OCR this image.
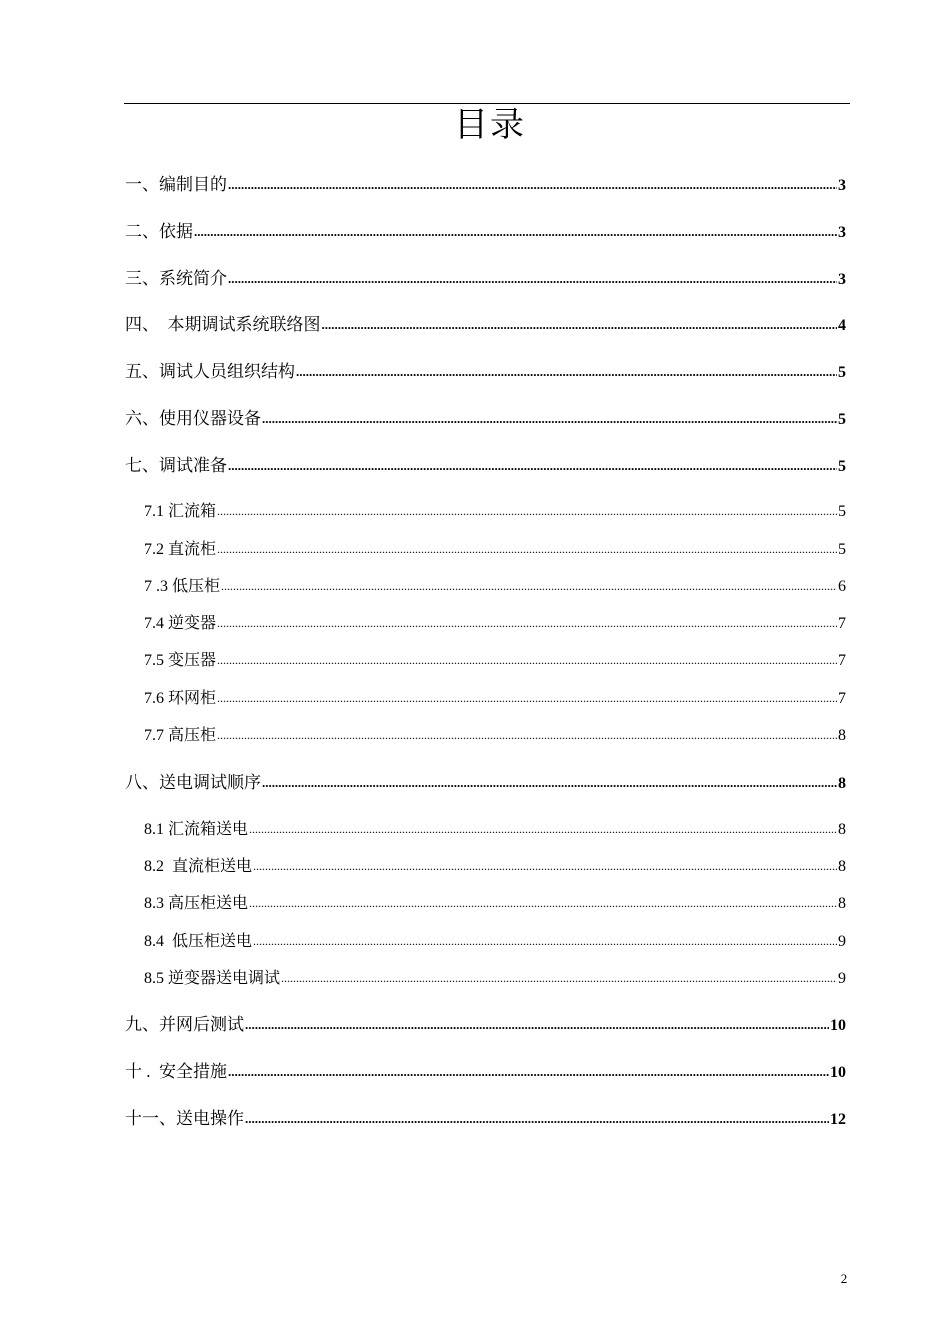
目录
一、编制目的 .....	3
二、依据 .....	3
三、系统简介 .....	3
四、  本期调试系统联络图 .....	4
五、调试人员组织结构 .....	5
六、使用仪器设备 .....	5
七、调试准备 .....	5
7.1 汇流箱 .....	5
7.2 直流柜 .....	5
7 .3 低压柜 .....	6
7.4 逆变器 .....	7
7.5 变压器 .....	7
7.6 环网柜 .....	7
7.7 高压柜 .....	8
八、送电调试顺序 .....	8
8.1 汇流箱送电 .....	8
8.2  直流柜送电 .....	8
8.3 高压柜送电 .....	8
8.4  低压柜送电 .....	9
8.5 逆变器送电调试 .....	9
九、并网后测试 .....	10
十 .  安全措施 .....	10
十一、送电操作 .....	12
2
